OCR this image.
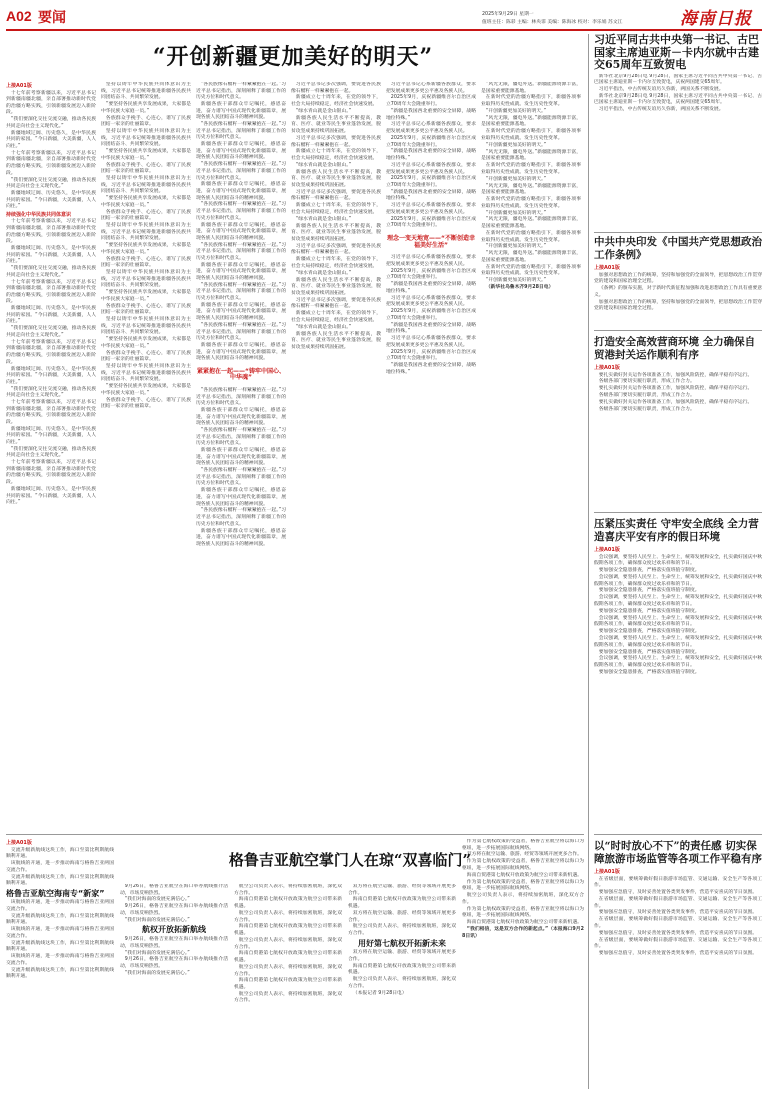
A02 要闻	2025年9月29日 星期一
值班主任：陈彩 主编：林央霏 美编：陈海冰 校对：李乐娟 苏文江	海南日报
“开创新疆更加美好的明天”
上接A01版

十七年前考察新疆以来，习近平总书记到新疆南疆北疆，亲自部署推动新时代党的治疆方略实践，引领新疆发展迈入新阶段。

“我们要深化交往交流交融，推动各民族共同走向社会主义现代化。”

新疆地域辽阔、历史悠久，是中华民族共同的家园。“今日新疆，大美新疆，人人向往。”

十七年前考察新疆以来，习近平总书记到新疆南疆北疆，亲自部署推动新时代党的治疆方略实践，引领新疆发展迈入新阶段。

“我们要深化交往交流交融，推动各民族共同走向社会主义现代化。”

新疆地域辽阔、历史悠久，是中华民族共同的家园。“今日新疆，大美新疆，人人向往。”

持续强化中华民族共同体意识

十七年前考察新疆以来，习近平总书记到新疆南疆北疆，亲自部署推动新时代党的治疆方略实践，引领新疆发展迈入新阶段。

新疆地域辽阔、历史悠久，是中华民族共同的家园。“今日新疆，大美新疆，人人向往。”

“我们要深化交往交流交融，推动各民族共同走向社会主义现代化。”

十七年前考察新疆以来，习近平总书记到新疆南疆北疆，亲自部署推动新时代党的治疆方略实践，引领新疆发展迈入新阶段。

新疆地域辽阔、历史悠久，是中华民族共同的家园。“今日新疆，大美新疆，人人向往。”

“我们要深化交往交流交融，推动各民族共同走向社会主义现代化。”

十七年前考察新疆以来，习近平总书记到新疆南疆北疆，亲自部署推动新时代党的治疆方略实践，引领新疆发展迈入新阶段。

新疆地域辽阔、历史悠久，是中华民族共同的家园。“今日新疆，大美新疆，人人向往。”

“我们要深化交往交流交融，推动各民族共同走向社会主义现代化。”

十七年前考察新疆以来，习近平总书记到新疆南疆北疆，亲自部署推动新时代党的治疆方略实践，引领新疆发展迈入新阶段。

新疆地域辽阔、历史悠久，是中华民族共同的家园。“今日新疆，大美新疆，人人向往。”

“我们要深化交往交流交融，推动各民族共同走向社会主义现代化。”

十七年前考察新疆以来，习近平总书记到新疆南疆北疆，亲自部署推动新时代党的治疆方略实践，引领新疆发展迈入新阶段。

新疆地域辽阔、历史悠久，是中华民族共同的家园。“今日新疆，大美新疆，人人向往。”

坚持以铸牢中华民族共同体意识为主线，习近平总书记统筹推进新疆各民族共同团结奋斗、共同繁荣发展。

“要坚持各民族共享发展成果，大家都是中华民族大家庭一员。”

各族群众手挽手、心连心，谱写了民族团结一家亲的壮丽篇章。

坚持以铸牢中华民族共同体意识为主线，习近平总书记统筹推进新疆各民族共同团结奋斗、共同繁荣发展。

“要坚持各民族共享发展成果，大家都是中华民族大家庭一员。”

各族群众手挽手、心连心，谱写了民族团结一家亲的壮丽篇章。

坚持以铸牢中华民族共同体意识为主线，习近平总书记统筹推进新疆各民族共同团结奋斗、共同繁荣发展。

“要坚持各民族共享发展成果，大家都是中华民族大家庭一员。”

各族群众手挽手、心连心，谱写了民族团结一家亲的壮丽篇章。

坚持以铸牢中华民族共同体意识为主线，习近平总书记统筹推进新疆各民族共同团结奋斗、共同繁荣发展。

“要坚持各民族共享发展成果，大家都是中华民族大家庭一员。”

各族群众手挽手、心连心，谱写了民族团结一家亲的壮丽篇章。

坚持以铸牢中华民族共同体意识为主线，习近平总书记统筹推进新疆各民族共同团结奋斗、共同繁荣发展。

“要坚持各民族共享发展成果，大家都是中华民族大家庭一员。”

各族群众手挽手、心连心，谱写了民族团结一家亲的壮丽篇章。

坚持以铸牢中华民族共同体意识为主线，习近平总书记统筹推进新疆各民族共同团结奋斗、共同繁荣发展。

“要坚持各民族共享发展成果，大家都是中华民族大家庭一员。”

各族群众手挽手、心连心，谱写了民族团结一家亲的壮丽篇章。

坚持以铸牢中华民族共同体意识为主线，习近平总书记统筹推进新疆各民族共同团结奋斗、共同繁荣发展。

“要坚持各民族共享发展成果，大家都是中华民族大家庭一员。”

各族群众手挽手、心连心，谱写了民族团结一家亲的壮丽篇章。

“各民族像石榴籽一样紧紧抱在一起。”习近平总书记指出，深刻阐释了新疆工作的历史方位和时代意义。

新疆各族干部群众牢记嘱托，感恩奋进，奋力谱写中国式现代化新疆篇章，展现各族人民团结奋斗的精神风貌。

“各民族像石榴籽一样紧紧抱在一起。”习近平总书记指出，深刻阐释了新疆工作的历史方位和时代意义。

新疆各族干部群众牢记嘱托，感恩奋进，奋力谱写中国式现代化新疆篇章，展现各族人民团结奋斗的精神风貌。

“各民族像石榴籽一样紧紧抱在一起。”习近平总书记指出，深刻阐释了新疆工作的历史方位和时代意义。

新疆各族干部群众牢记嘱托，感恩奋进，奋力谱写中国式现代化新疆篇章，展现各族人民团结奋斗的精神风貌。

“各民族像石榴籽一样紧紧抱在一起。”习近平总书记指出，深刻阐释了新疆工作的历史方位和时代意义。

新疆各族干部群众牢记嘱托，感恩奋进，奋力谱写中国式现代化新疆篇章，展现各族人民团结奋斗的精神风貌。

“各民族像石榴籽一样紧紧抱在一起。”习近平总书记指出，深刻阐释了新疆工作的历史方位和时代意义。

新疆各族干部群众牢记嘱托，感恩奋进，奋力谱写中国式现代化新疆篇章，展现各族人民团结奋斗的精神风貌。

“各民族像石榴籽一样紧紧抱在一起。”习近平总书记指出，深刻阐释了新疆工作的历史方位和时代意义。

新疆各族干部群众牢记嘱托，感恩奋进，奋力谱写中国式现代化新疆篇章，展现各族人民团结奋斗的精神风貌。

“各民族像石榴籽一样紧紧抱在一起。”习近平总书记指出，深刻阐释了新疆工作的历史方位和时代意义。

新疆各族干部群众牢记嘱托，感恩奋进，奋力谱写中国式现代化新疆篇章，展现各族人民团结奋斗的精神风貌。

紧紧抱在一起——“铸牢中国心、中华魂”

“各民族像石榴籽一样紧紧抱在一起。”习近平总书记指出，深刻阐释了新疆工作的历史方位和时代意义。

新疆各族干部群众牢记嘱托，感恩奋进，奋力谱写中国式现代化新疆篇章，展现各族人民团结奋斗的精神风貌。

“各民族像石榴籽一样紧紧抱在一起。”习近平总书记指出，深刻阐释了新疆工作的历史方位和时代意义。

新疆各族干部群众牢记嘱托，感恩奋进，奋力谱写中国式现代化新疆篇章，展现各族人民团结奋斗的精神风貌。

“各民族像石榴籽一样紧紧抱在一起。”习近平总书记指出，深刻阐释了新疆工作的历史方位和时代意义。

新疆各族干部群众牢记嘱托，感恩奋进，奋力谱写中国式现代化新疆篇章，展现各族人民团结奋斗的精神风貌。

“各民族像石榴籽一样紧紧抱在一起。”习近平总书记指出，深刻阐释了新疆工作的历史方位和时代意义。

新疆各族干部群众牢记嘱托，感恩奋进，奋力谱写中国式现代化新疆篇章，展现各族人民团结奋斗的精神风貌。

习近平总书记多次强调，要促进各民族像石榴籽一样紧紧抱在一起。

新疆成立七十周年来，在党的领导下，社会大局持续稳定，经济社会快速发展。

“绿水青山就是金山银山。”

新疆各族人民生活水平不断提高，教育、医疗、就业等民生事业蓬勃发展，脱贫攻坚成果持续巩固拓展。

习近平总书记多次强调，要促进各民族像石榴籽一样紧紧抱在一起。

新疆成立七十周年来，在党的领导下，社会大局持续稳定，经济社会快速发展。

“绿水青山就是金山银山。”

新疆各族人民生活水平不断提高，教育、医疗、就业等民生事业蓬勃发展，脱贫攻坚成果持续巩固拓展。

习近平总书记多次强调，要促进各民族像石榴籽一样紧紧抱在一起。

新疆成立七十周年来，在党的领导下，社会大局持续稳定，经济社会快速发展。

“绿水青山就是金山银山。”

新疆各族人民生活水平不断提高，教育、医疗、就业等民生事业蓬勃发展，脱贫攻坚成果持续巩固拓展。

习近平总书记多次强调，要促进各民族像石榴籽一样紧紧抱在一起。

新疆成立七十周年来，在党的领导下，社会大局持续稳定，经济社会快速发展。

“绿水青山就是金山银山。”

新疆各族人民生活水平不断提高，教育、医疗、就业等民生事业蓬勃发展，脱贫攻坚成果持续巩固拓展。

习近平总书记多次强调，要促进各民族像石榴籽一样紧紧抱在一起。

新疆成立七十周年来，在党的领导下，社会大局持续稳定，经济社会快速发展。

“绿水青山就是金山银山。”

新疆各族人民生活水平不断提高，教育、医疗、就业等民生事业蓬勃发展，脱贫攻坚成果持续巩固拓展。

习近平总书记心系新疆各族群众，要求把发展成果更多更公平惠及各族人民。

2025年9月，庆祝新疆维吾尔自治区成立70周年大会隆重举行。

“新疆是我国西北重要的安全屏障，战略地位特殊。”

习近平总书记心系新疆各族群众，要求把发展成果更多更公平惠及各族人民。

2025年9月，庆祝新疆维吾尔自治区成立70周年大会隆重举行。

“新疆是我国西北重要的安全屏障，战略地位特殊。”

习近平总书记心系新疆各族群众，要求把发展成果更多更公平惠及各族人民。

2025年9月，庆祝新疆维吾尔自治区成立70周年大会隆重举行。

“新疆是我国西北重要的安全屏障，战略地位特殊。”

习近平总书记心系新疆各族群众，要求把发展成果更多更公平惠及各族人民。

2025年9月，庆祝新疆维吾尔自治区成立70周年大会隆重举行。

理念一变天地宽——“不断创造幸福美好生活”

习近平总书记心系新疆各族群众，要求把发展成果更多更公平惠及各族人民。

2025年9月，庆祝新疆维吾尔自治区成立70周年大会隆重举行。

“新疆是我国西北重要的安全屏障，战略地位特殊。”

习近平总书记心系新疆各族群众，要求把发展成果更多更公平惠及各族人民。

2025年9月，庆祝新疆维吾尔自治区成立70周年大会隆重举行。

“新疆是我国西北重要的安全屏障，战略地位特殊。”

习近平总书记心系新疆各族群众，要求把发展成果更多更公平惠及各族人民。

2025年9月，庆祝新疆维吾尔自治区成立70周年大会隆重举行。

“新疆是我国西北重要的安全屏障，战略地位特殊。”

“风光无限，疆电外送。”新疆能源资源丰富，是国家重要能源基地。

在新时代党的治疆方略指引下，新疆各项事业取得历史性成就、发生历史性变革。

“开创新疆更加美好的明天。”

“风光无限，疆电外送。”新疆能源资源丰富，是国家重要能源基地。

在新时代党的治疆方略指引下，新疆各项事业取得历史性成就、发生历史性变革。

“开创新疆更加美好的明天。”

“风光无限，疆电外送。”新疆能源资源丰富，是国家重要能源基地。

在新时代党的治疆方略指引下，新疆各项事业取得历史性成就、发生历史性变革。

“开创新疆更加美好的明天。”

“风光无限，疆电外送。”新疆能源资源丰富，是国家重要能源基地。

在新时代党的治疆方略指引下，新疆各项事业取得历史性成就、发生历史性变革。

“开创新疆更加美好的明天。”

“风光无限，疆电外送。”新疆能源资源丰富，是国家重要能源基地。

在新时代党的治疆方略指引下，新疆各项事业取得历史性成就、发生历史性变革。

“开创新疆更加美好的明天。”

“风光无限，疆电外送。”新疆能源资源丰富，是国家重要能源基地。

在新时代党的治疆方略指引下，新疆各项事业取得历史性成就、发生历史性变革。

“开创新疆更加美好的明天。”

（新华社乌鲁木齐9月28日电）

习近平同古共中央第一书记、古巴国家主席迪亚斯－卡内尔就中古建交65周年互致贺电

新华社北京9月28日电 9月28日，国家主席习近平同古共中央第一书记、古巴国家主席迪亚斯－卡内尔互致贺电，庆祝两国建交65周年。

习近平指出，中古传统友谊历久弥新，两国关系不断发展。

新华社北京9月28日电 9月28日，国家主席习近平同古共中央第一书记、古巴国家主席迪亚斯－卡内尔互致贺电，庆祝两国建交65周年。

习近平指出，中古传统友谊历久弥新，两国关系不断发展。

中共中央印发《中国共产党思想政治工作条例》
上接A01版

加强对思想政治工作的统筹，坚持和加强党的全面领导，把思想政治工作贯穿党的建设和国家治理全过程。

《条例》的颁布实施，对于新时代新征程加强和改进思想政治工作具有重要意义。

加强对思想政治工作的统筹，坚持和加强党的全面领导，把思想政治工作贯穿党的建设和国家治理全过程。

打造安全高效营商环境 全力确保自贸港封关运作顺利有序
上接A01版

要扎实做好封关运作各项准备工作，加强风险防控，确保平稳有序运行。

各级各部门要切实履行职责，形成工作合力。

要扎实做好封关运作各项准备工作，加强风险防控，确保平稳有序运行。

各级各部门要切实履行职责，形成工作合力。

要扎实做好封关运作各项准备工作，加强风险防控，确保平稳有序运行。

各级各部门要切实履行职责，形成工作合力。

压紧压实责任 守牢安全底线 全力营造喜庆平安有序的假日环境
上接A01版

会议强调，要坚持人民至上、生命至上，统筹发展和安全，扎实做好国庆中秋假期各项工作，确保群众度过欢乐祥和的节日。

要加强安全隐患排查，严格落实值班值守制度。

会议强调，要坚持人民至上、生命至上，统筹发展和安全，扎实做好国庆中秋假期各项工作，确保群众度过欢乐祥和的节日。

要加强安全隐患排查，严格落实值班值守制度。

会议强调，要坚持人民至上、生命至上，统筹发展和安全，扎实做好国庆中秋假期各项工作，确保群众度过欢乐祥和的节日。

要加强安全隐患排查，严格落实值班值守制度。

会议强调，要坚持人民至上、生命至上，统筹发展和安全，扎实做好国庆中秋假期各项工作，确保群众度过欢乐祥和的节日。

要加强安全隐患排查，严格落实值班值守制度。

会议强调，要坚持人民至上、生命至上，统筹发展和安全，扎实做好国庆中秋假期各项工作，确保群众度过欢乐祥和的节日。

要加强安全隐患排查，严格落实值班值守制度。

会议强调，要坚持人民至上、生命至上，统筹发展和安全，扎实做好国庆中秋假期各项工作，确保群众度过欢乐祥和的节日。

要加强安全隐患排查，严格落实值班值守制度。

以“时时放心不下”的责任感 切实保障旅游市场监管等各项工作平稳有序
上接A01版

在省级层面，要统筹做好假日旅游市场监管、交通运输、安全生产等各项工作。

要加强应急值守，及时妥善处置各类突发事件，营造平安喜庆的节日氛围。

在省级层面，要统筹做好假日旅游市场监管、交通运输、安全生产等各项工作。

要加强应急值守，及时妥善处置各类突发事件，营造平安喜庆的节日氛围。

在省级层面，要统筹做好假日旅游市场监管、交通运输、安全生产等各项工作。

要加强应急值守，及时妥善处置各类突发事件，营造平安喜庆的节日氛围。

在省级层面，要统筹做好假日旅游市场监管、交通运输、安全生产等各项工作。

要加强应急值守，及时妥善处置各类突发事件，营造平安喜庆的节日氛围。

格鲁吉亚航空掌门人在琼“双喜临门”
上接A01版

交流升级新航线这块工作，海口至第比利斯航线顺利开通。

该航线的开通，进一步推动海南与格鲁吉亚两国交流合作。

交流升级新航线这块工作，海口至第比利斯航线顺利开通。

格鲁吉亚航空海南专“新家”

该航线的开通，进一步推动海南与格鲁吉亚两国交流合作。

交流升级新航线这块工作，海口至第比利斯航线顺利开通。

该航线的开通，进一步推动海南与格鲁吉亚两国交流合作。

交流升级新航线这块工作，海口至第比利斯航线顺利开通。

该航线的开通，进一步推动海南与格鲁吉亚两国交流合作。

交流升级新航线这块工作，海口至第比利斯航线顺利开通。

9月26日，格鲁吉亚航空在海口举办航线推介活动，市场反响热烈。

“我们对海南的发展充满信心。”

9月26日，格鲁吉亚航空在海口举办航线推介活动，市场反响热烈。

“我们对海南的发展充满信心。”

航权开放拓新航线

9月26日，格鲁吉亚航空在海口举办航线推介活动，市场反响热烈。

“我们对海南的发展充满信心。”

9月26日，格鲁吉亚航空在海口举办航线推介活动，市场反响热烈。

“我们对海南的发展充满信心。”

航空公司负责人表示，将持续加密航班，深化双方合作。

海南自贸港第七航权开放政策为航空公司带来新机遇。

航空公司负责人表示，将持续加密航班，深化双方合作。

海南自贸港第七航权开放政策为航空公司带来新机遇。

航空公司负责人表示，将持续加密航班，深化双方合作。

海南自贸港第七航权开放政策为航空公司带来新机遇。

航空公司负责人表示，将持续加密航班，深化双方合作。

海南自贸港第七航权开放政策为航空公司带来新机遇。

航空公司负责人表示，将持续加密航班，深化双方合作。

双方将在航空运输、旅游、经贸等领域开展更多合作。

海南自贸港第七航权开放政策为航空公司带来新机遇。

双方将在航空运输、旅游、经贸等领域开展更多合作。

航空公司负责人表示，将持续加密航班，深化双方合作。

用好第七航权开拓新未来

双方将在航空运输、旅游、经贸等领域开展更多合作。

海南自贸港第七航权开放政策为航空公司带来新机遇。

航空公司负责人表示，将持续加密航班，深化双方合作。

（本报记者 9月28日电）

作为第七航权政策的受益者，格鲁吉亚航空将以海口为枢纽，进一步拓展国际航线网络。

双方将在航空运输、旅游、经贸等领域开展更多合作。

作为第七航权政策的受益者，格鲁吉亚航空将以海口为枢纽，进一步拓展国际航线网络。

海南自贸港第七航权开放政策为航空公司带来新机遇。

作为第七航权政策的受益者，格鲁吉亚航空将以海口为枢纽，进一步拓展国际航线网络。

航空公司负责人表示，将持续加密航班，深化双方合作。

作为第七航权政策的受益者，格鲁吉亚航空将以海口为枢纽，进一步拓展国际航线网络。

海南自贸港第七航权开放政策为航空公司带来新机遇。

“我们相信，这是双方合作的新起点。”（本报海口9月28日讯）
